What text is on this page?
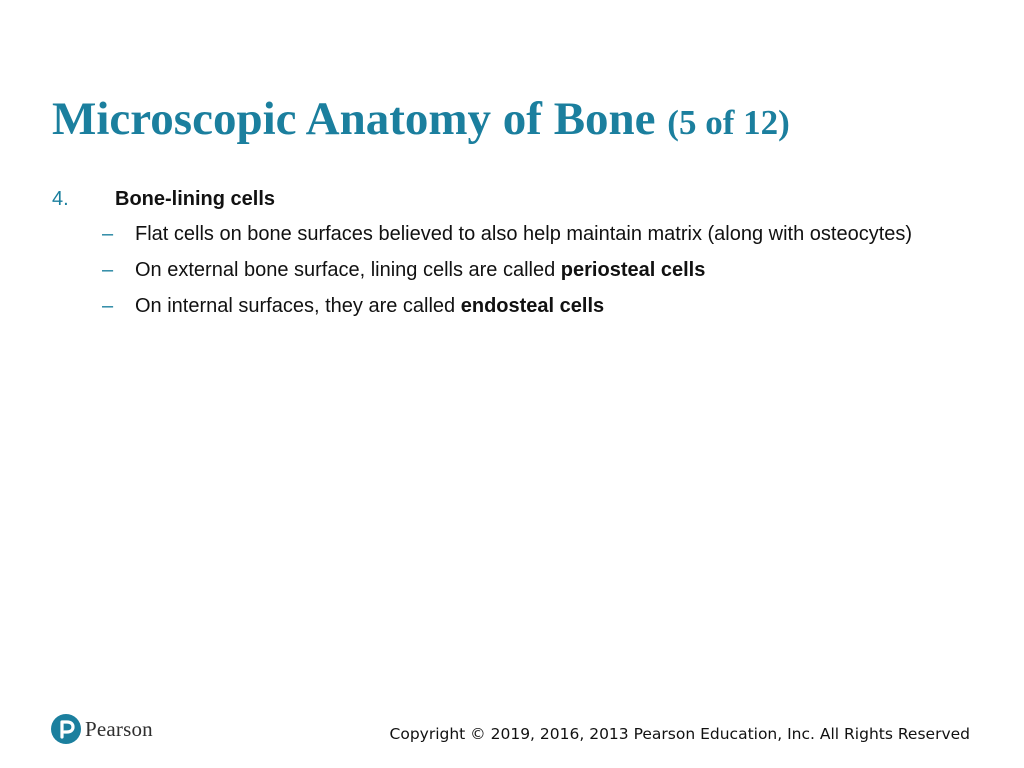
Microscopic Anatomy of Bone (5 of 12)
4.	Bone-lining cells
–	Flat cells on bone surfaces believed to also help maintain matrix (along with osteocytes)
–	On external bone surface, lining cells are called periosteal cells
–	On internal surfaces, they are called endosteal cells
Pearson	Copyright © 2019, 2016, 2013 Pearson Education, Inc. All Rights Reserved
